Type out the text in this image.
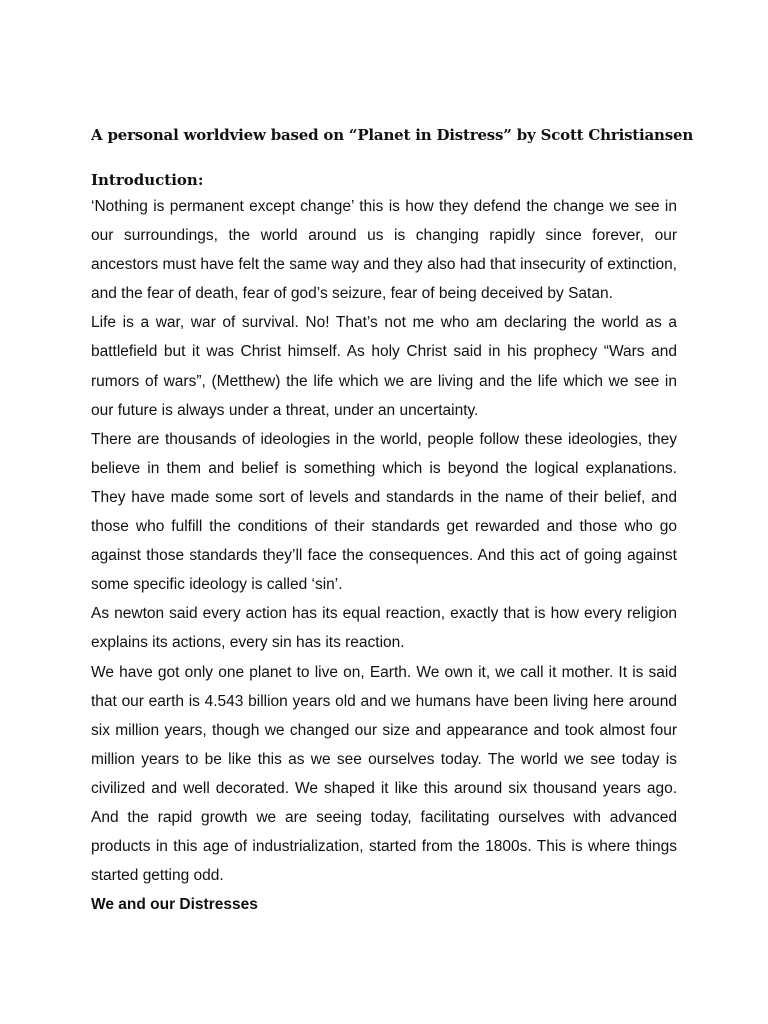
A personal worldview based on “Planet in Distress” by Scott Christiansen
Introduction:

‘Nothing is permanent except change’ this is how they defend the change we see in our surroundings, the world around us is changing rapidly since forever, our ancestors must have felt the same way and they also had that insecurity of extinction, and the fear of death, fear of god’s seizure, fear of being deceived by Satan.

Life is a war, war of survival. No! That’s not me who am declaring the world as a battlefield but it was Christ himself. As holy Christ said in his prophecy “Wars and rumors of wars”, (Metthew) the life which we are living and the life which we see in our future is always under a threat, under an uncertainty.

There are thousands of ideologies in the world, people follow these ideologies, they believe in them and belief is something which is beyond the logical explanations. They have made some sort of levels and standards in the name of their belief, and those who fulfill the conditions of their standards get rewarded and those who go against those standards they’ll face the consequences. And this act of going against some specific ideology is called ‘sin’.

As newton said every action has its equal reaction, exactly that is how every religion explains its actions, every sin has its reaction.

We have got only one planet to live on, Earth. We own it, we call it mother. It is said that our earth is 4.543 billion years old and we humans have been living here around six million years, though we changed our size and appearance and took almost four million years to be like this as we see ourselves today. The world we see today is civilized and well decorated. We shaped it like this around six thousand years ago. And the rapid growth we are seeing today, facilitating ourselves with advanced products in this age of industrialization, started from the 1800s. This is where things started getting odd.

We and our Distresses
